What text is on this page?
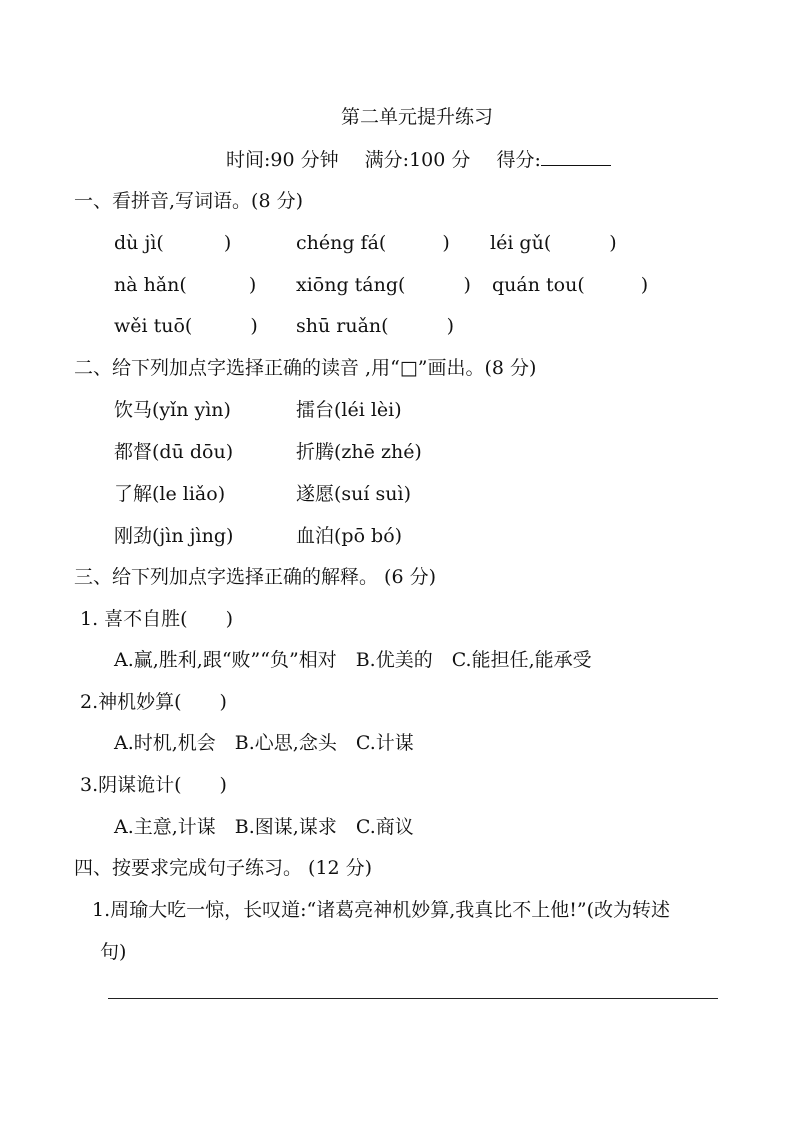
第二单元提升练习
时间:90 分钟 满分:100 分 得分:
一、看拼音,写词语。(8 分)
dù jì(	)	chéng fá(	) léi gǔ(	)
nà hǎn(	) xiōng táng(	) quán tou(	)
wěi tuō(	) shū ruǎn(	)
二、给下列加点字选择正确的读音 ,用“□”画出。(8 分)
饮马(yǐn yìn)	擂台(léi lèi)
都督(dū dōu)	折腾(zhē zhé)
了解(le liǎo)	遂愿(suí suì)
刚劲(jìn jìng)	血泊(pō bó)
三、给下列加点字选择正确的解释。 (6 分)
1. 喜不自胜(　　)
A.赢,胜利,跟“败”“负”相对　B.优美的　C.能担任,能承受
2.神机妙算(　　)
A.时机,机会　B.心思,念头　C.计谋
3.阴谋诡计(　　)
A.主意,计谋　B.图谋,谋求　C.商议
四、按要求完成句子练习。 (12 分)
1.周瑜大吃一惊，长叹道:“诸葛亮神机妙算,我真比不上他!”(改为转述
句)
